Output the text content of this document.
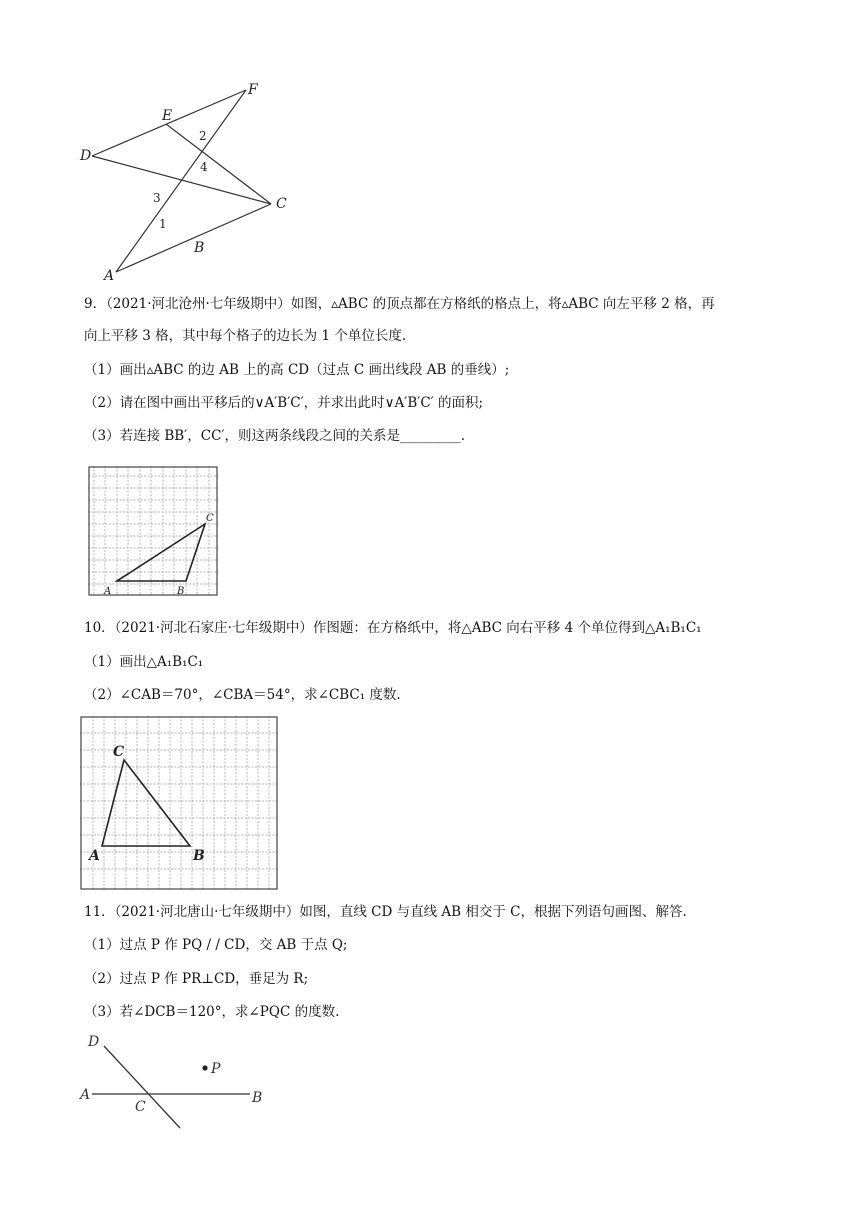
F
E
D
C
B
A
2
4
3
1
9．（2021·河北沧州·七年级期中）如图，▵ABC 的顶点都在方格纸的格点上，将▵ABC 向左平移 2 格，再
向上平移 3 格，其中每个格子的边长为 1 个单位长度.
（1）画出▵ABC 的边 AB 上的高 CD（过点 C 画出线段 AB 的垂线）;
（2）请在图中画出平移后的∨A′B′C′，并求出此时∨A′B′C′ 的面积;
（3）若连接 BB′，CC′，则这两条线段之间的关系是_________.
A	B
C
10．（2021·河北石家庄·七年级期中）作图题：在方格纸中，将△ABC 向右平移 4 个单位得到△A₁B₁C₁
（1）画出△A₁B₁C₁
（2）∠CAB＝70°，∠CBA＝54°，求∠CBC₁ 度数.
C
A	B
11．（2021·河北唐山·七年级期中）如图，直线 CD 与直线 AB 相交于 C，根据下列语句画图、解答.
（1）过点 P 作 PQ / / CD，交 AB 于点 Q;
（2）过点 P 作 PR⊥CD，垂足为 R;
（3）若∠DCB＝120°，求∠PQC 的度数.
D
P
A
C
B
